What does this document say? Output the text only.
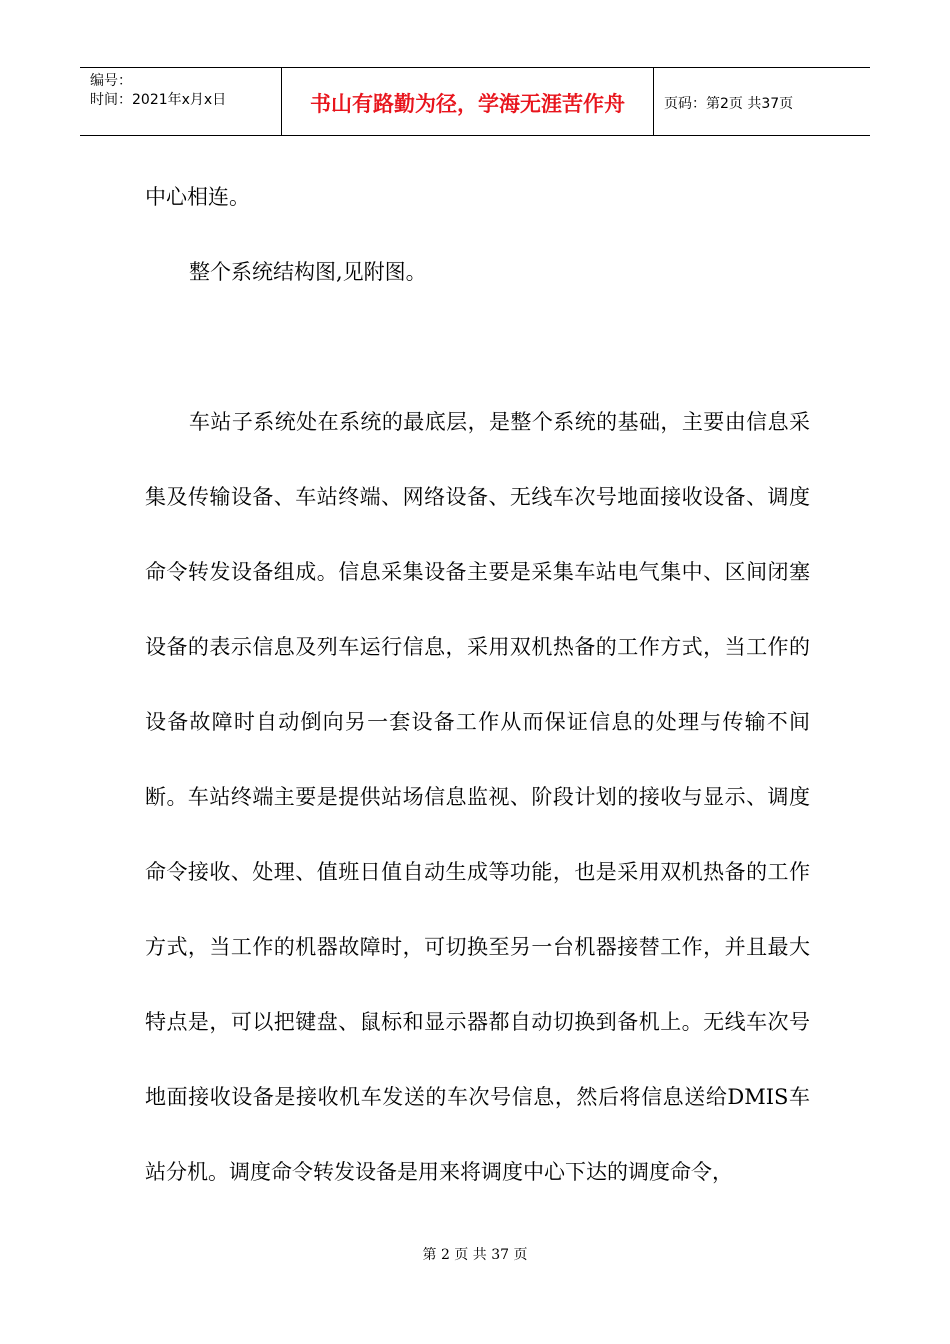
编号：
时间：2021年x月x日	书山有路勤为径，学海无涯苦作舟	页码：第2页 共37页

中心相连。

整个系统结构图,见附图。

车站子系统处在系统的最底层，是整个系统的基础，主要由信息采集及传输设备、车站终端、网络设备、无线车次号地面接收设备、调度命令转发设备组成。信息采集设备主要是采集车站电气集中、区间闭塞设备的表示信息及列车运行信息，采用双机热备的工作方式，当工作的设备故障时自动倒向另一套设备工作从而保证信息的处理与传输不间断。车站终端主要是提供站场信息监视、阶段计划的接收与显示、调度命令接收、处理、值班日值自动生成等功能，也是采用双机热备的工作方式，当工作的机器故障时，可切换至另一台机器接替工作，并且最大特点是，可以把键盘、鼠标和显示器都自动切换到备机上。无线车次号地面接收设备是接收机车发送的车次号信息，然后将信息送给DMIS车站分机。调度命令转发设备是用来将调度中心下达的调度命令，

第 2 页 共 37 页
